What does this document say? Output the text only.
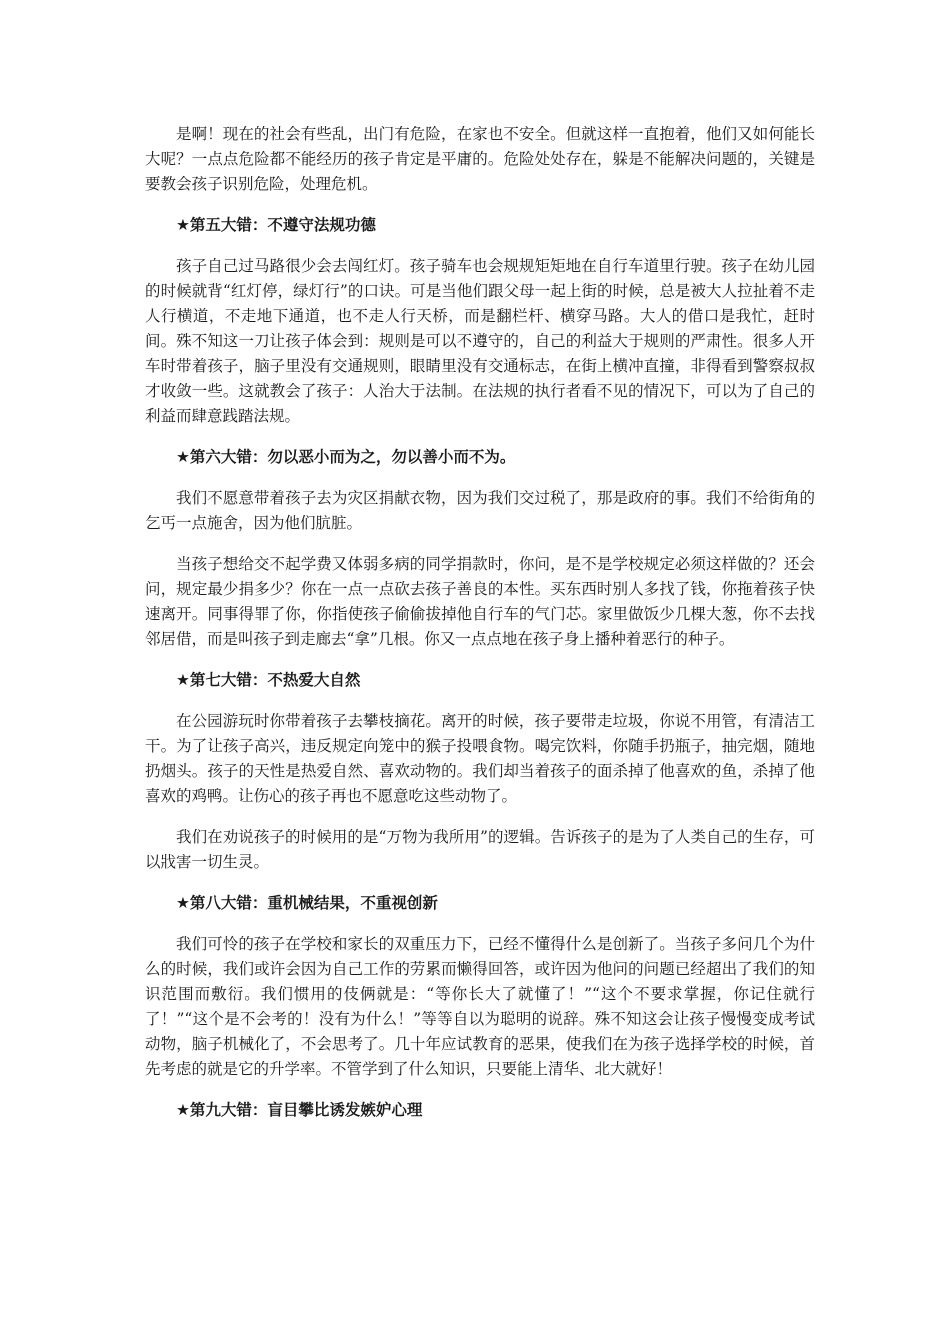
是啊！现在的社会有些乱，出门有危险，在家也不安全。但就这样一直抱着，他们又如何能长大呢？一点点危险都不能经历的孩子肯定是平庸的。危险处处存在，躲是不能解决问题的，关键是要教会孩子识别危险，处理危机。

★第五大错：不遵守法规功德

孩子自己过马路很少会去闯红灯。孩子骑车也会规规矩矩地在自行车道里行驶。孩子在幼儿园的时候就背“红灯停，绿灯行”的口诀。可是当他们跟父母一起上街的时候，总是被大人拉扯着不走人行横道，不走地下通道，也不走人行天桥，而是翻栏杆、横穿马路。大人的借口是我忙，赶时间。殊不知这一刀让孩子体会到：规则是可以不遵守的，自己的利益大于规则的严肃性。很多人开车时带着孩子，脑子里没有交通规则，眼睛里没有交通标志，在街上横冲直撞，非得看到警察叔叔才收敛一些。这就教会了孩子：人治大于法制。在法规的执行者看不见的情况下，可以为了自己的利益而肆意践踏法规。

★第六大错：勿以恶小而为之，勿以善小而不为。

我们不愿意带着孩子去为灾区捐献衣物，因为我们交过税了，那是政府的事。我们不给街角的乞丐一点施舍，因为他们肮脏。

当孩子想给交不起学费又体弱多病的同学捐款时，你问，是不是学校规定必须这样做的？还会问，规定最少捐多少？你在一点一点砍去孩子善良的本性。买东西时别人多找了钱，你拖着孩子快速离开。同事得罪了你，你指使孩子偷偷拔掉他自行车的气门芯。家里做饭少几棵大葱，你不去找邻居借，而是叫孩子到走廊去“拿”几根。你又一点点地在孩子身上播种着恶行的种子。

★第七大错：不热爱大自然

在公园游玩时你带着孩子去攀枝摘花。离开的时候，孩子要带走垃圾，你说不用管，有清洁工干。为了让孩子高兴，违反规定向笼中的猴子投喂食物。喝完饮料，你随手扔瓶子，抽完烟，随地扔烟头。孩子的天性是热爱自然、喜欢动物的。我们却当着孩子的面杀掉了他喜欢的鱼，杀掉了他喜欢的鸡鸭。让伤心的孩子再也不愿意吃这些动物了。

我们在劝说孩子的时候用的是“万物为我所用”的逻辑。告诉孩子的是为了人类自己的生存，可以戕害一切生灵。

★第八大错：重机械结果，不重视创新

我们可怜的孩子在学校和家长的双重压力下，已经不懂得什么是创新了。当孩子多问几个为什么的时候，我们或许会因为自己工作的劳累而懒得回答，或许因为他问的问题已经超出了我们的知识范围而敷衍。我们惯用的伎俩就是：“等你长大了就懂了！”“这个不要求掌握，你记住就行了！”“这个是不会考的！没有为什么！”等等自以为聪明的说辞。殊不知这会让孩子慢慢变成考试动物，脑子机械化了，不会思考了。几十年应试教育的恶果，使我们在为孩子选择学校的时候，首先考虑的就是它的升学率。不管学到了什么知识，只要能上清华、北大就好！

★第九大错：盲目攀比诱发嫉妒心理
